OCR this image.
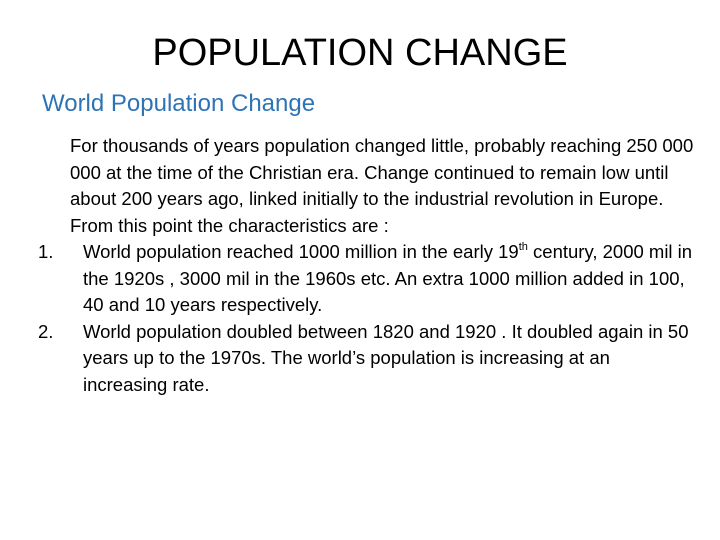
POPULATION CHANGE
World Population Change

For thousands of years population changed little, probably reaching 250 000 000 at the time of the Christian era. Change continued to remain low until about 200 years ago, linked initially to the industrial revolution in Europe. From this point the characteristics are :

1. World population reached 1000 million in the early 19th century, 2000 mil in the 1920s , 3000 mil in the 1960s etc. An extra 1000 million added in 100, 40 and 10 years respectively.
2. World population doubled between 1820 and 1920 . It doubled again in 50 years up to the 1970s. The world’s population is increasing at an increasing rate.
